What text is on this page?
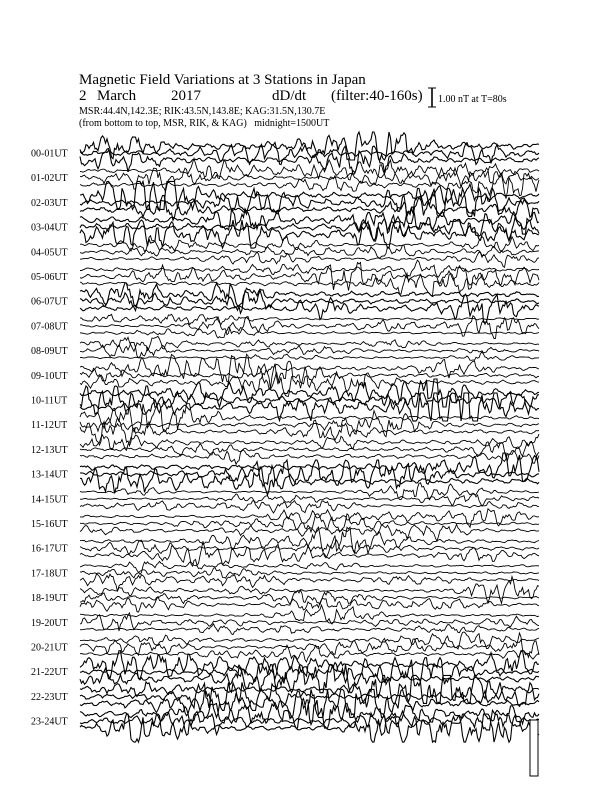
Magnetic Field Variations at 3 Stations in Japan
2 March 2017	dD/dt (filter:40-160s)
MSR:44.4N,142.3E; RIK:43.5N,143.8E; KAG:31.5N,130.7E
(from bottom to top, MSR, RIK, & KAG) midnight=1500UT
1.00 nT at T=80s
00-01UT
01-02UT
02-03UT
03-04UT
04-05UT
05-06UT
06-07UT
07-08UT
08-09UT
09-10UT
10-11UT
11-12UT
12-13UT
13-14UT
14-15UT
15-16UT
16-17UT
17-18UT
18-19UT
19-20UT
20-21UT
21-22UT
22-23UT
23-24UT
